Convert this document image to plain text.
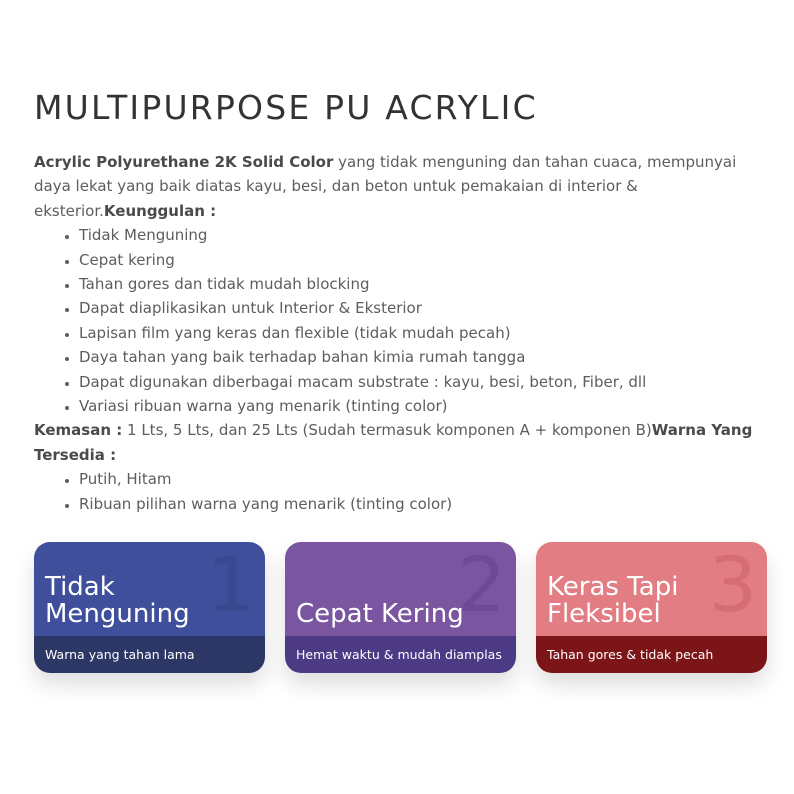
MULTIPURPOSE PU ACRYLIC
Acrylic Polyurethane 2K Solid Color yang tidak menguning dan tahan cuaca, mempunyai daya lekat yang baik diatas kayu, besi, dan beton untuk pemakaian di interior & eksterior.Keunggulan :
• Tidak Menguning
• Cepat kering
• Tahan gores dan tidak mudah blocking
• Dapat diaplikasikan untuk Interior & Eksterior
• Lapisan film yang keras dan flexible (tidak mudah pecah)
• Daya tahan yang baik terhadap bahan kimia rumah tangga
• Dapat digunakan diberbagai macam substrate : kayu, besi, beton, Fiber, dll
• Variasi ribuan warna yang menarik (tinting color)
Kemasan : 1 Lts, 5 Lts, dan 25 Lts (Sudah termasuk komponen A + komponen B)Warna Yang Tersedia :
• Putih, Hitam
• Ribuan pilihan warna yang menarik (tinting color)
1
Tidak Menguning
Warna yang tahan lama
2
Cepat Kering
Hemat waktu & mudah diamplas
3
Keras Tapi Fleksibel
Tahan gores & tidak pecah
